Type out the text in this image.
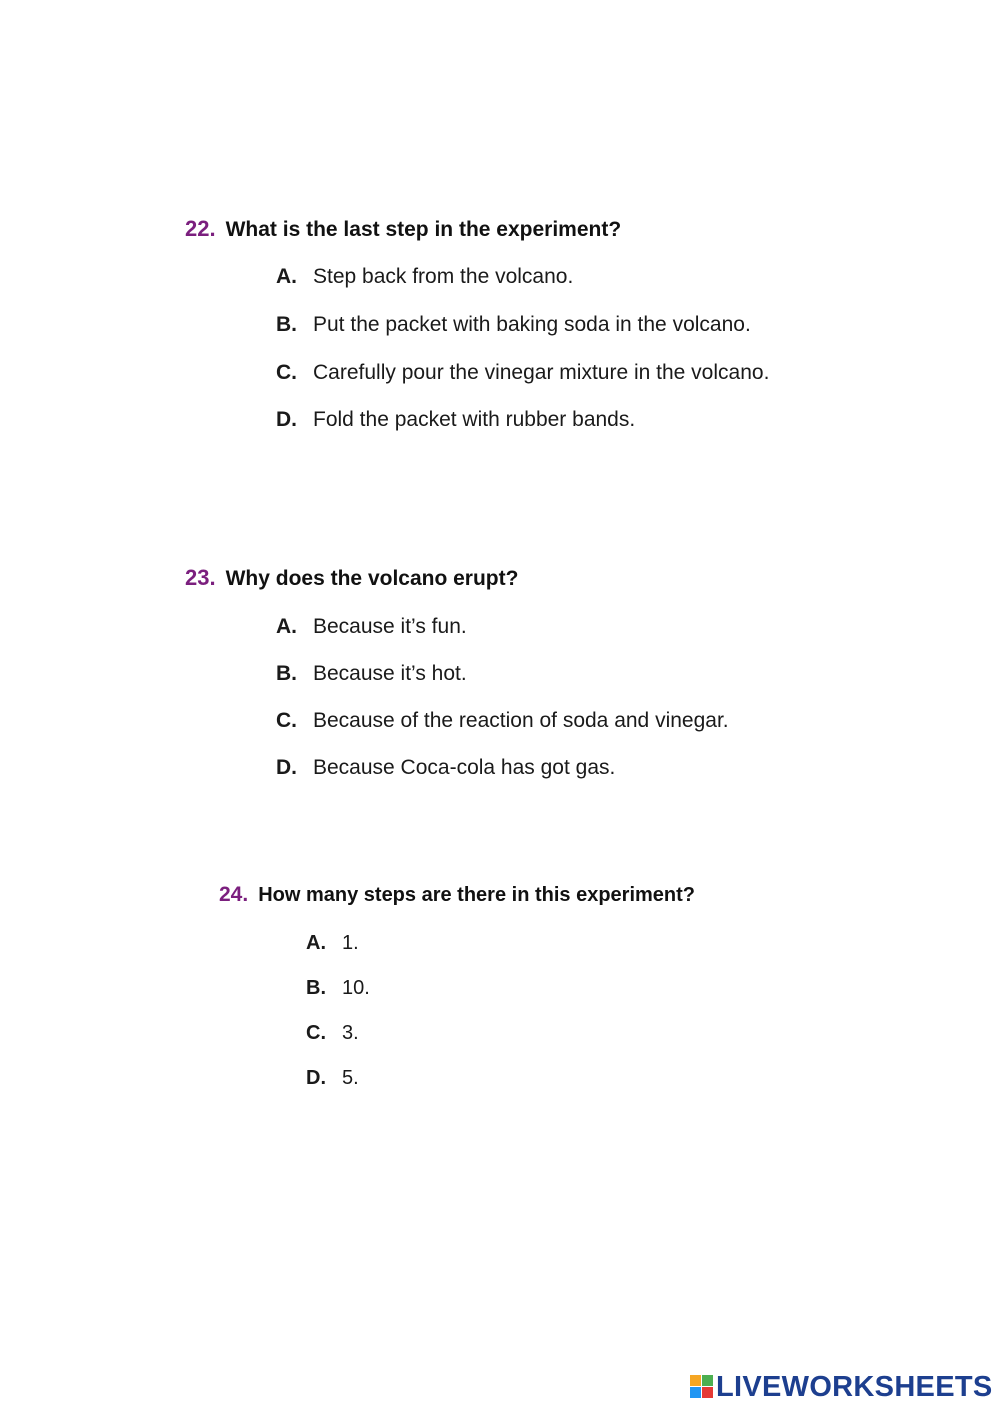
22. What is the last step in the experiment?
A. Step back from the volcano.
B. Put the packet with baking soda in the volcano.
C. Carefully pour the vinegar mixture in the volcano.
D. Fold the packet with rubber bands.
23. Why does the volcano erupt?
A. Because it’s fun.
B. Because it’s hot.
C. Because of the reaction of soda and vinegar.
D. Because Coca-cola has got gas.
24. How many steps are there in this experiment?
A. 1.
B. 10.
C. 3.
D. 5.
LIVEWORKSHEETS
